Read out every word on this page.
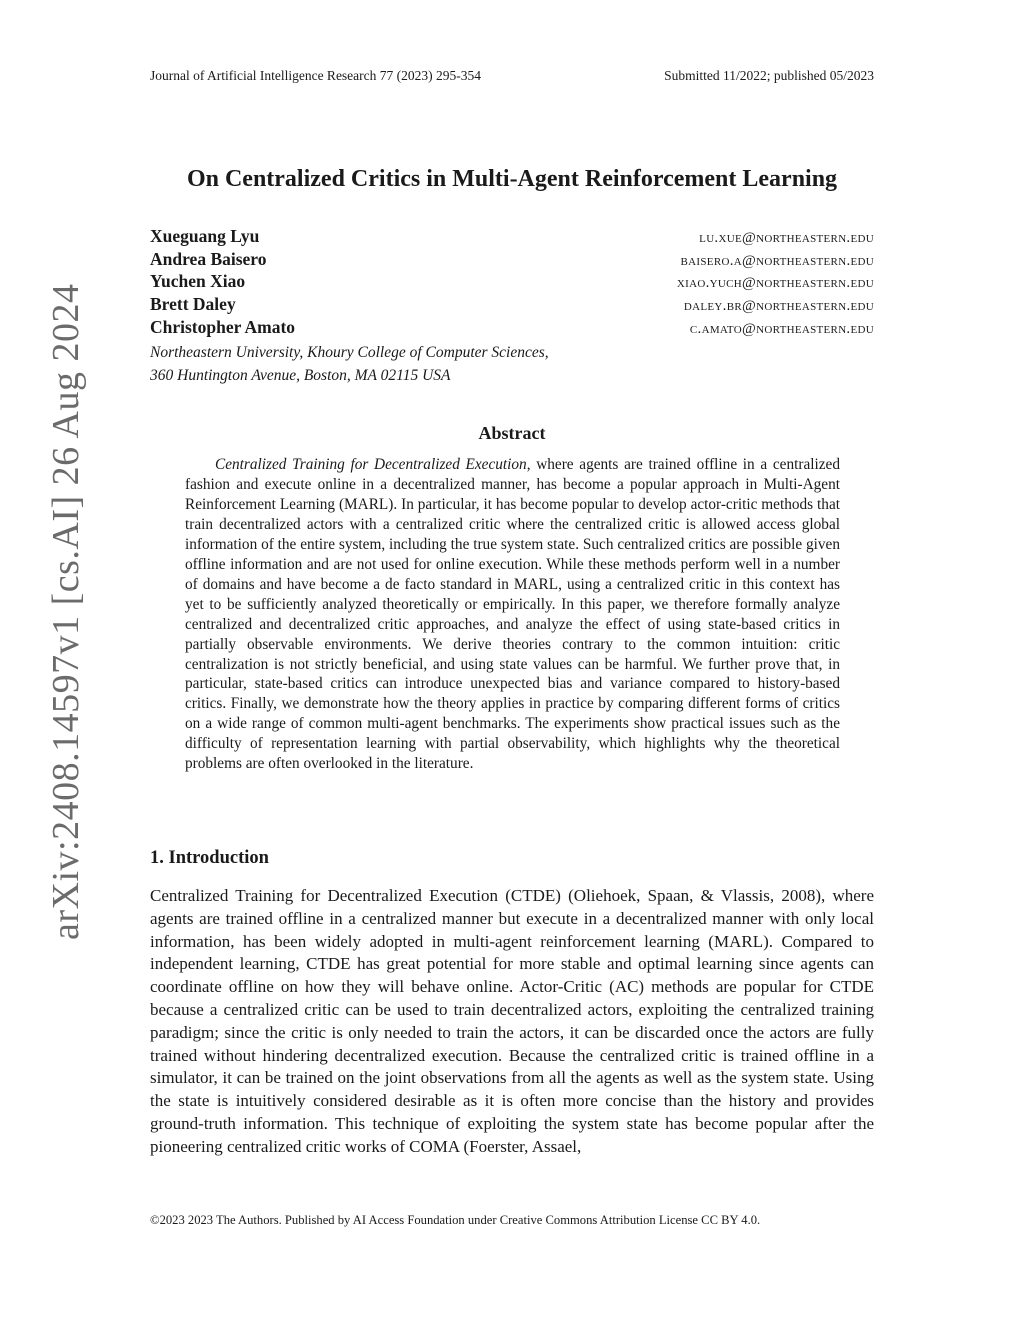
Journal of Artificial Intelligence Research 77 (2023) 295-354	Submitted 11/2022; published 05/2023
arXiv:2408.14597v1 [cs.AI] 26 Aug 2024
On Centralized Critics in Multi-Agent Reinforcement Learning
Xueguang Lyu	lu.xue@northeastern.edu
Andrea Baisero	baisero.a@northeastern.edu
Yuchen Xiao	xiao.yuch@northeastern.edu
Brett Daley	daley.br@northeastern.edu
Christopher Amato	c.amato@northeastern.edu
Northeastern University, Khoury College of Computer Sciences,
360 Huntington Avenue, Boston, MA 02115 USA
Abstract

Centralized Training for Decentralized Execution, where agents are trained offline in a centralized fashion and execute online in a decentralized manner, has become a popular approach in Multi-Agent Reinforcement Learning (MARL). In particular, it has become popular to develop actor-critic methods that train decentralized actors with a centralized critic where the centralized critic is allowed access global information of the entire system, including the true system state. Such centralized critics are possible given offline information and are not used for online execution. While these methods perform well in a number of domains and have become a de facto standard in MARL, using a centralized critic in this context has yet to be sufficiently analyzed theoretically or empirically. In this paper, we therefore formally analyze centralized and decentralized critic approaches, and analyze the effect of using state-based critics in partially observable environments. We derive theories contrary to the common intuition: critic centralization is not strictly beneficial, and using state values can be harmful. We further prove that, in particular, state-based critics can introduce unexpected bias and variance compared to history-based critics. Finally, we demonstrate how the theory applies in practice by comparing different forms of critics on a wide range of common multi-agent benchmarks. The experiments show practical issues such as the difficulty of representation learning with partial observability, which highlights why the theoretical problems are often overlooked in the literature.

1. Introduction

Centralized Training for Decentralized Execution (CTDE) (Oliehoek, Spaan, & Vlassis, 2008), where agents are trained offline in a centralized manner but execute in a decentralized manner with only local information, has been widely adopted in multi-agent reinforcement learning (MARL). Compared to independent learning, CTDE has great potential for more stable and optimal learning since agents can coordinate offline on how they will behave online. Actor-Critic (AC) methods are popular for CTDE because a centralized critic can be used to train decentralized actors, exploiting the centralized training paradigm; since the critic is only needed to train the actors, it can be discarded once the actors are fully trained without hindering decentralized execution. Because the centralized critic is trained offline in a simulator, it can be trained on the joint observations from all the agents as well as the system state. Using the state is intuitively considered desirable as it is often more concise than the history and provides ground-truth information. This technique of exploiting the system state has become popular after the pioneering centralized critic works of COMA (Foerster, Assael,

©2023 2023 The Authors. Published by AI Access Foundation under Creative Commons Attribution License CC BY 4.0.
